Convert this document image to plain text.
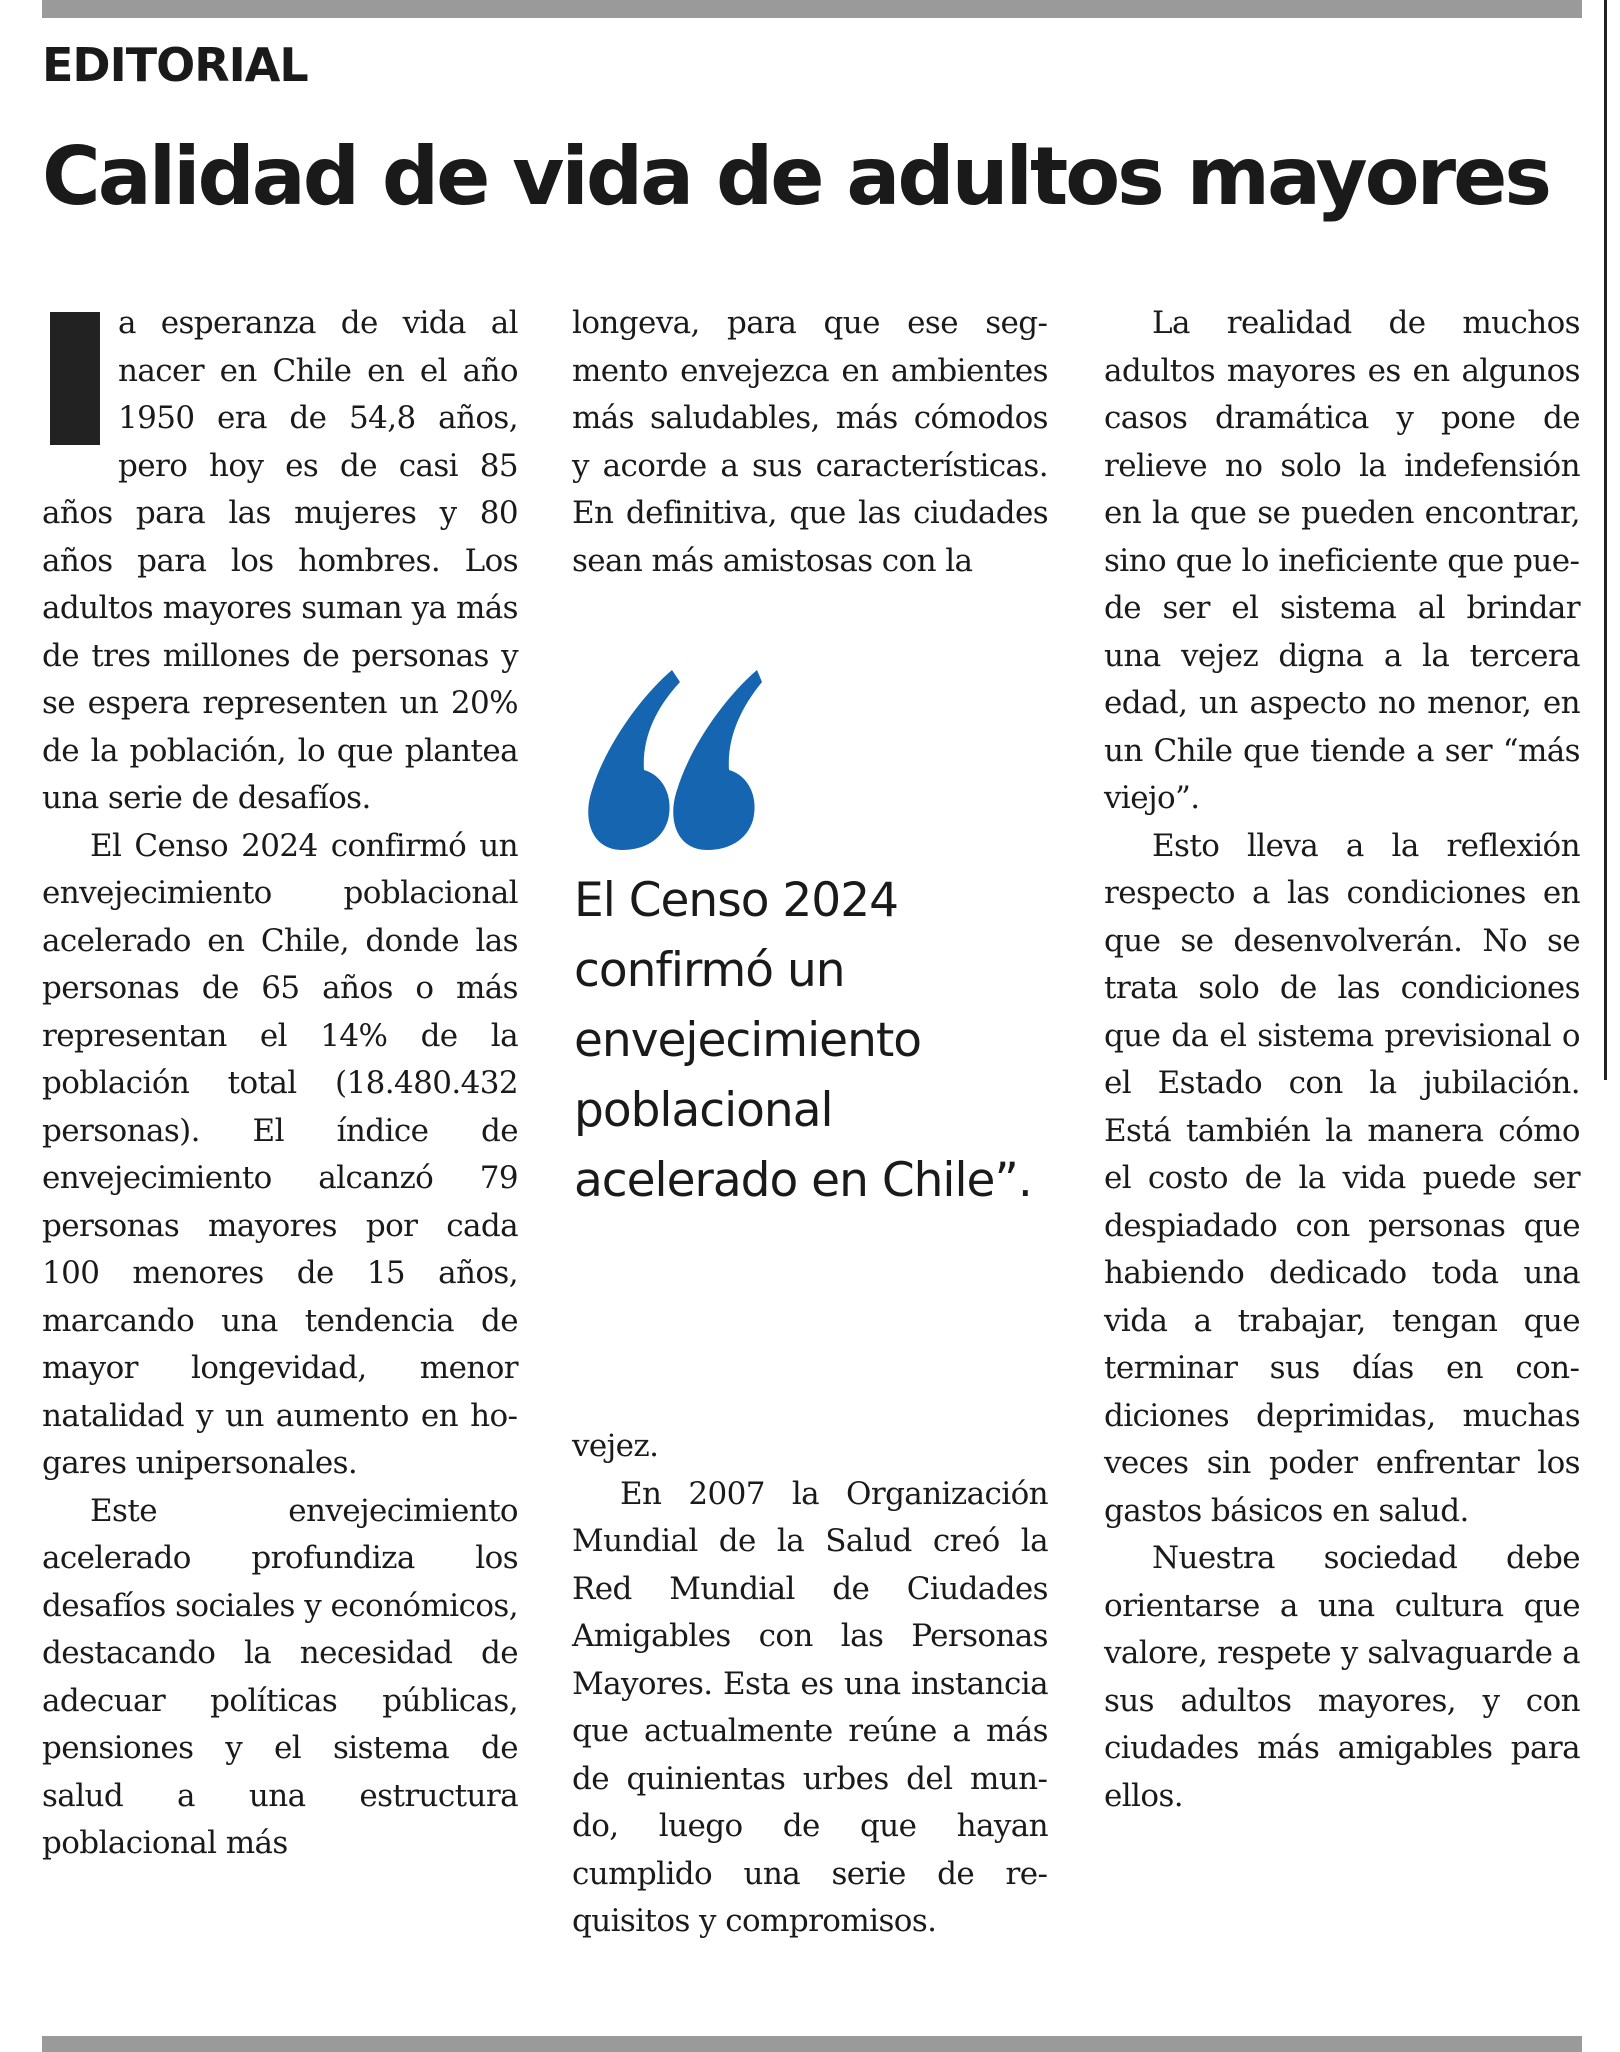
EDITORIAL
Calidad de vida de adultos mayores

a esperanza de vida al nacer en Chile en el año 1950 era de 54,8 años, pero hoy es de casi 85 años para las mujeres y 80 años para los hombres. Los adultos mayores suman ya más de tres millones de personas y se espera representen un 20% de la población, lo que plantea una serie de desafíos.

El Censo 2024 confirmó un envejecimiento poblacional acelerado en Chile, donde las personas de 65 años o más representan el 14% de la población total (18.480.432 personas). El índice de envejecimiento alcanzó 79 personas mayores por cada 100 menores de 15 años, marcando una tendencia de mayor longevidad, menor natalidad y un aumento en hogares unipersonales.

Este envejecimiento acelerado profundiza los desafíos sociales y económicos, destacando la necesidad de adecuar políticas públicas, pensiones y el sistema de salud a una estructura poblacional más

longeva, para que ese segmento envejezca en ambientes más saludables, más cómodos y acorde a sus características. En definitiva, que las ciudades sean más amistosas con la

El Censo 2024 confirmó un envejecimiento poblacional acelerado en Chile”.

vejez.

En 2007 la Organización Mundial de la Salud creó la Red Mundial de Ciudades Amigables con las Personas Mayores. Esta es una instancia que actualmente reúne a más de quinientas urbes del mundo, luego de que hayan cumplido una serie de requisitos y compromisos.

La realidad de muchos adultos mayores es en algunos casos dramática y pone de relieve no solo la indefensión en la que se pueden encontrar, sino que lo ineficiente que puede ser el sistema al brindar una vejez digna a la tercera edad, un aspecto no menor, en un Chile que tiende a ser “más viejo”.

Esto lleva a la reflexión respecto a las condiciones en que se desenvolverán. No se trata solo de las condiciones que da el sistema previsional o el Estado con la jubilación. Está también la manera cómo el costo de la vida puede ser despiadado con personas que habiendo dedicado toda una vida a trabajar, tengan que terminar sus días en condiciones deprimidas, muchas veces sin poder enfrentar los gastos básicos en salud.

Nuestra sociedad debe orientarse a una cultura que valore, respete y salvaguarde a sus adultos mayores, y con ciudades más amigables para ellos.
